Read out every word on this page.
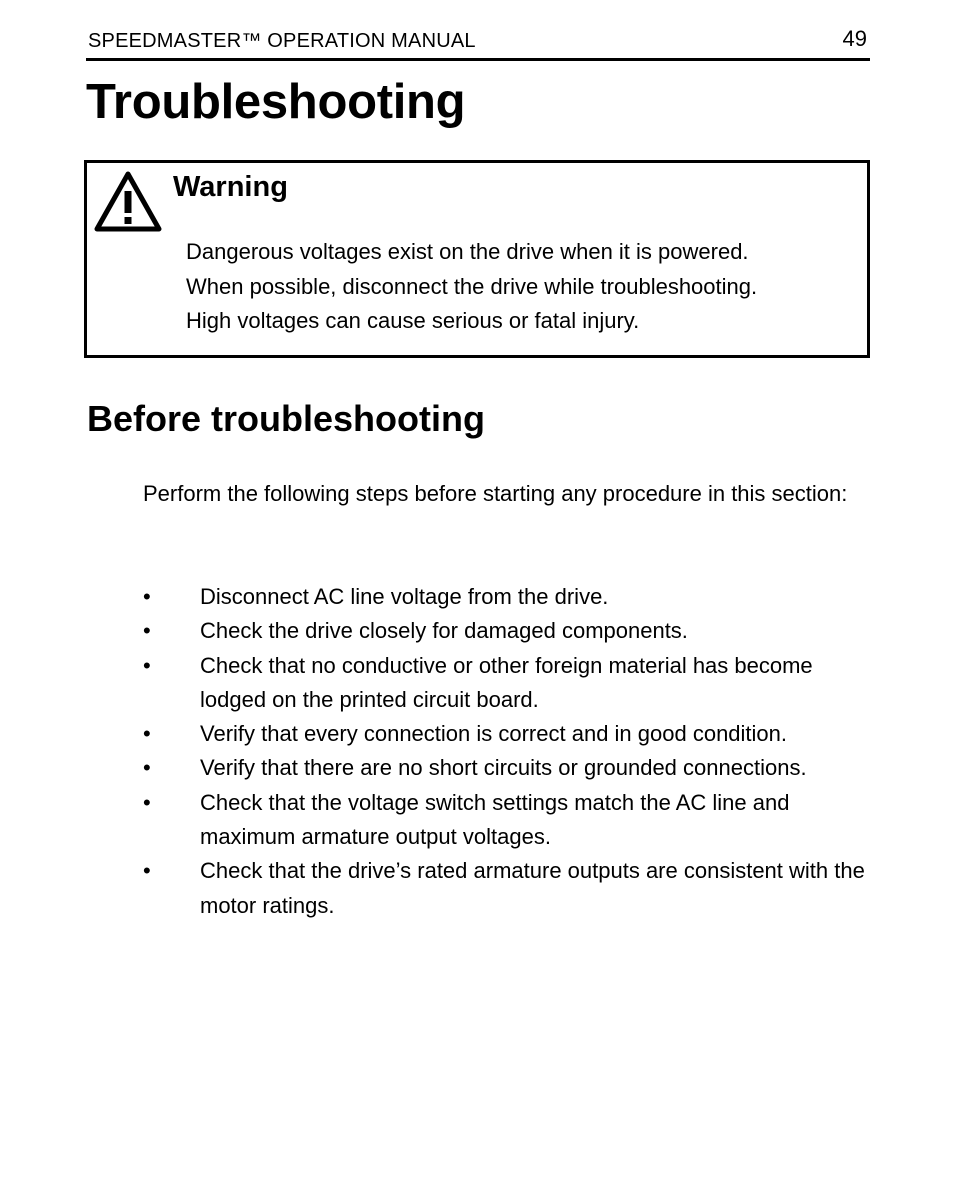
SPEEDMASTER™ OPERATION MANUAL	49
Troubleshooting
Warning
Dangerous voltages exist on the drive when it is powered.
When possible, disconnect the drive while troubleshooting.
High voltages can cause serious or fatal injury.
Before troubleshooting

Perform the following steps before starting any procedure in this section:

• Disconnect AC line voltage from the drive.
• Check the drive closely for damaged components.
• Check that no conductive or other foreign material has become lodged on the printed circuit board.
• Verify that every connection is correct and in good condition.
• Verify that there are no short circuits or grounded connections.
• Check that the voltage switch settings match the AC line and maximum armature output voltages.
• Check that the drive’s rated armature outputs are consistent with the motor ratings.
